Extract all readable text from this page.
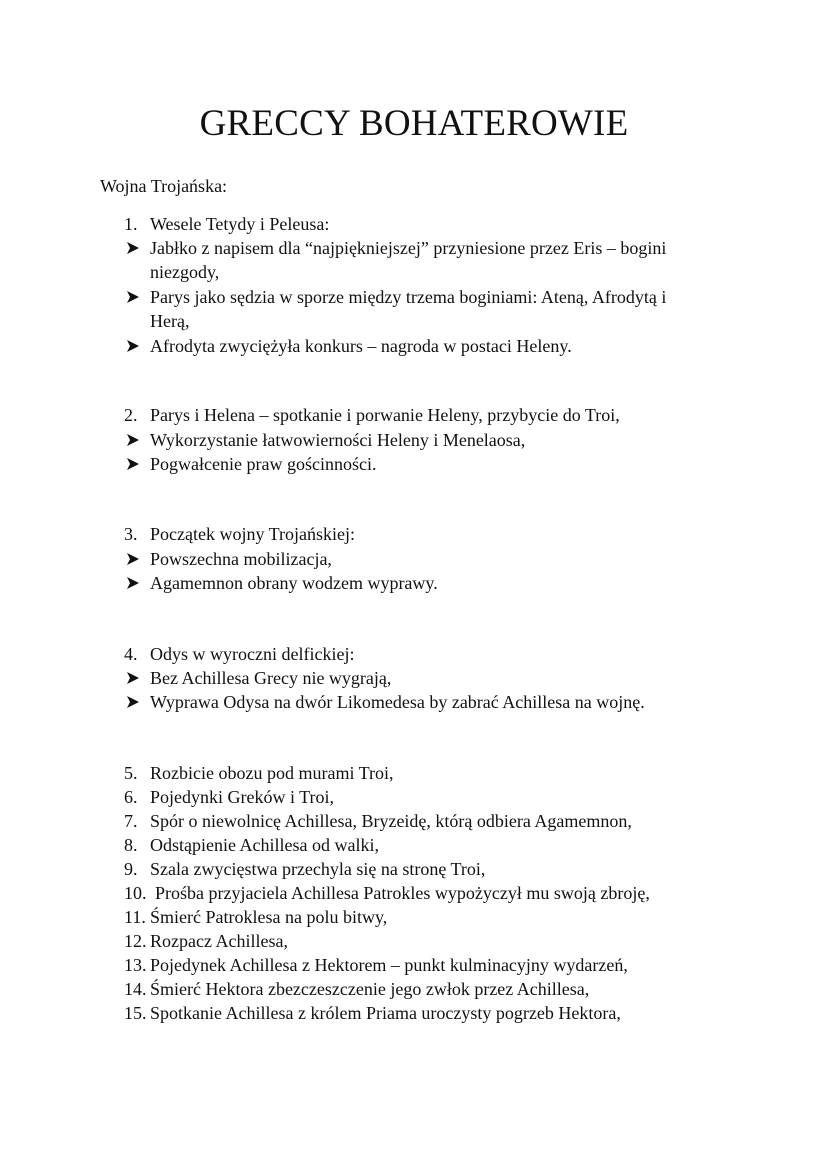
GRECCY BOHATEROWIE
Wojna Trojańska:
1. Wesele Tetydy i Peleusa:
Jabłko z napisem dla “najpiękniejszej” przyniesione przez Eris – bogini
niezgody,
Parys jako sędzia w sporze między trzema boginiami: Ateną, Afrodytą i
Herą,
Afrodyta zwyciężyła konkurs – nagroda w postaci Heleny.
2. Parys i Helena – spotkanie i porwanie Heleny, przybycie do Troi,
Wykorzystanie łatwowierności Heleny i Menelaosa,
Pogwałcenie praw gościnności.
3. Początek wojny Trojańskiej:
Powszechna mobilizacja,
Agamemnon obrany wodzem wyprawy.
4. Odys w wyroczni delfickiej:
Bez Achillesa Grecy nie wygrają,
Wyprawa Odysa na dwór Likomedesa by zabrać Achillesa na wojnę.
5. Rozbicie obozu pod murami Troi,
6. Pojedynki Greków i Troi,
7. Spór o niewolnicę Achillesa, Bryzeidę, którą odbiera Agamemnon,
8. Odstąpienie Achillesa od walki,
9. Szala zwycięstwa przechyla się na stronę Troi,
10. Prośba przyjaciela Achillesa Patrokles wypożyczył mu swoją zbroję,
11. Śmierć Patroklesa na polu bitwy,
12. Rozpacz Achillesa,
13. Pojedynek Achillesa z Hektorem – punkt kulminacyjny wydarzeń,
14. Śmierć Hektora zbezczeszczenie jego zwłok przez Achillesa,
15. Spotkanie Achillesa z królem Priama uroczysty pogrzeb Hektora,
